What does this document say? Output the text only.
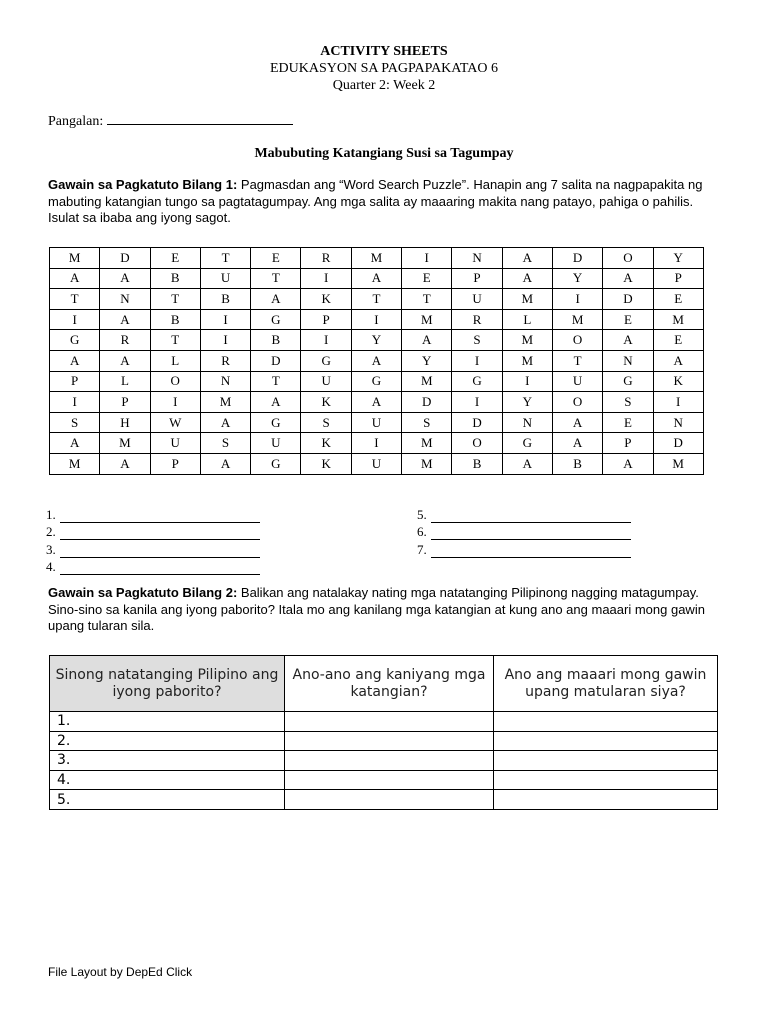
ACTIVITY SHEETS
EDUKASYON SA PAGPAPAKATAO 6
Quarter 2: Week 2
Pangalan:
Mabubuting Katangiang Susi sa Tagumpay
Gawain sa Pagkatuto Bilang 1: Pagmasdan ang “Word Search Puzzle”. Hanapin ang 7 salita na nagpapakita ng mabuting katangian tungo sa pagtatagumpay. Ang mga salita ay maaaring makita nang patayo, pahiga o pahilis. Isulat sa ibaba ang iyong sagot.
M	D	E	T	E	R	M	I	N	A	D	O	Y
A	A	B	U	T	I	A	E	P	A	Y	A	P
T	N	T	B	A	K	T	T	U	M	I	D	E
I	A	B	I	G	P	I	M	R	L	M	E	M
G	R	T	I	B	I	Y	A	S	M	O	A	E
A	A	L	R	D	G	A	Y	I	M	T	N	A
P	L	O	N	T	U	G	M	G	I	U	G	K
I	P	I	M	A	K	A	D	I	Y	O	S	I
S	H	W	A	G	S	U	S	D	N	A	E	N
A	M	U	S	U	K	I	M	O	G	A	P	D
M	A	P	A	G	K	U	M	B	A	B	A	M
1.
2.
3.
4.
5.
6.
7.
Gawain sa Pagkatuto Bilang 2: Balikan ang natalakay nating mga natatanging Pilipinong nagging matagumpay. Sino-sino sa kanila ang iyong paborito? Itala mo ang kanilang mga katangian at kung ano ang maaari mong gawin upang tularan sila.
Sinong natatanging Pilipino ang iyong paborito?	Ano-ano ang kaniyang mga katangian?	Ano ang maaari mong gawin upang matularan siya?
1.		
2.		
3.		
4.		
5.		
File Layout by DepEd Click
